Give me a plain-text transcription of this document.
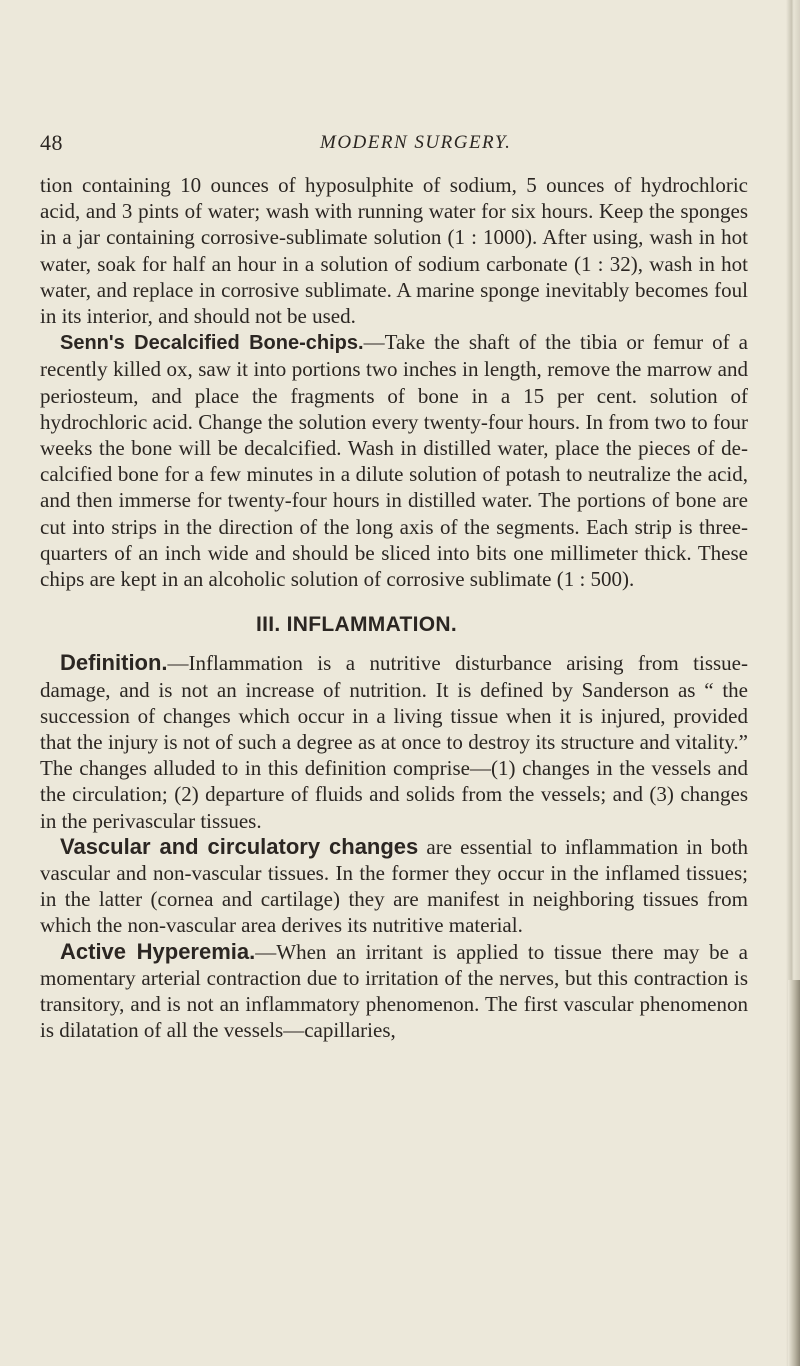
48	MODERN SURGERY.

tion containing 10 ounces of hyposulphite of sodium, 5 ounces of hydrochloric acid, and 3 pints of water; wash with running water for six hours. Keep the sponges in a jar containing corrosive-sublimate solution (1 : 1000). After using, wash in hot water, soak for half an hour in a solution of sodium carbonate (1 : 32), wash in hot water, and replace in corrosive sublimate. A marine sponge inevitably becomes foul in its interior, and should not be used.

Senn's Decalcified Bone-chips.—Take the shaft of the tibia or femur of a recently killed ox, saw it into portions two inches in length, remove the marrow and periosteum, and place the fragments of bone in a 15 per cent. solution of hydrochloric acid. Change the solution every twenty-four hours. In from two to four weeks the bone will be decalcified. Wash in distilled water, place the pieces of de-calcified bone for a few minutes in a dilute solution of potash to neutralize the acid, and then immerse for twenty-four hours in distilled water. The portions of bone are cut into strips in the direction of the long axis of the segments. Each strip is three-quarters of an inch wide and should be sliced into bits one millimeter thick. These chips are kept in an alcoholic solution of corrosive sublimate (1 : 500).

III. INFLAMMATION.

Definition.—Inflammation is a nutritive disturbance arising from tissue-damage, and is not an increase of nutrition. It is defined by Sanderson as “ the succession of changes which occur in a living tissue when it is injured, provided that the injury is not of such a degree as at once to destroy its structure and vitality.” The changes alluded to in this definition comprise—(1) changes in the vessels and the circulation; (2) departure of fluids and solids from the vessels; and (3) changes in the perivascular tissues.

Vascular and circulatory changes are essential to inflammation in both vascular and non-vascular tissues. In the former they occur in the inflamed tissues; in the latter (cornea and cartilage) they are manifest in neighboring tissues from which the non-vascular area derives its nutritive material.

Active Hyperemia.—When an irritant is applied to tissue there may be a momentary arterial contraction due to irritation of the nerves, but this contraction is transitory, and is not an inflammatory phenomenon. The first vascular phenomenon is dilatation of all the vessels—capillaries,
